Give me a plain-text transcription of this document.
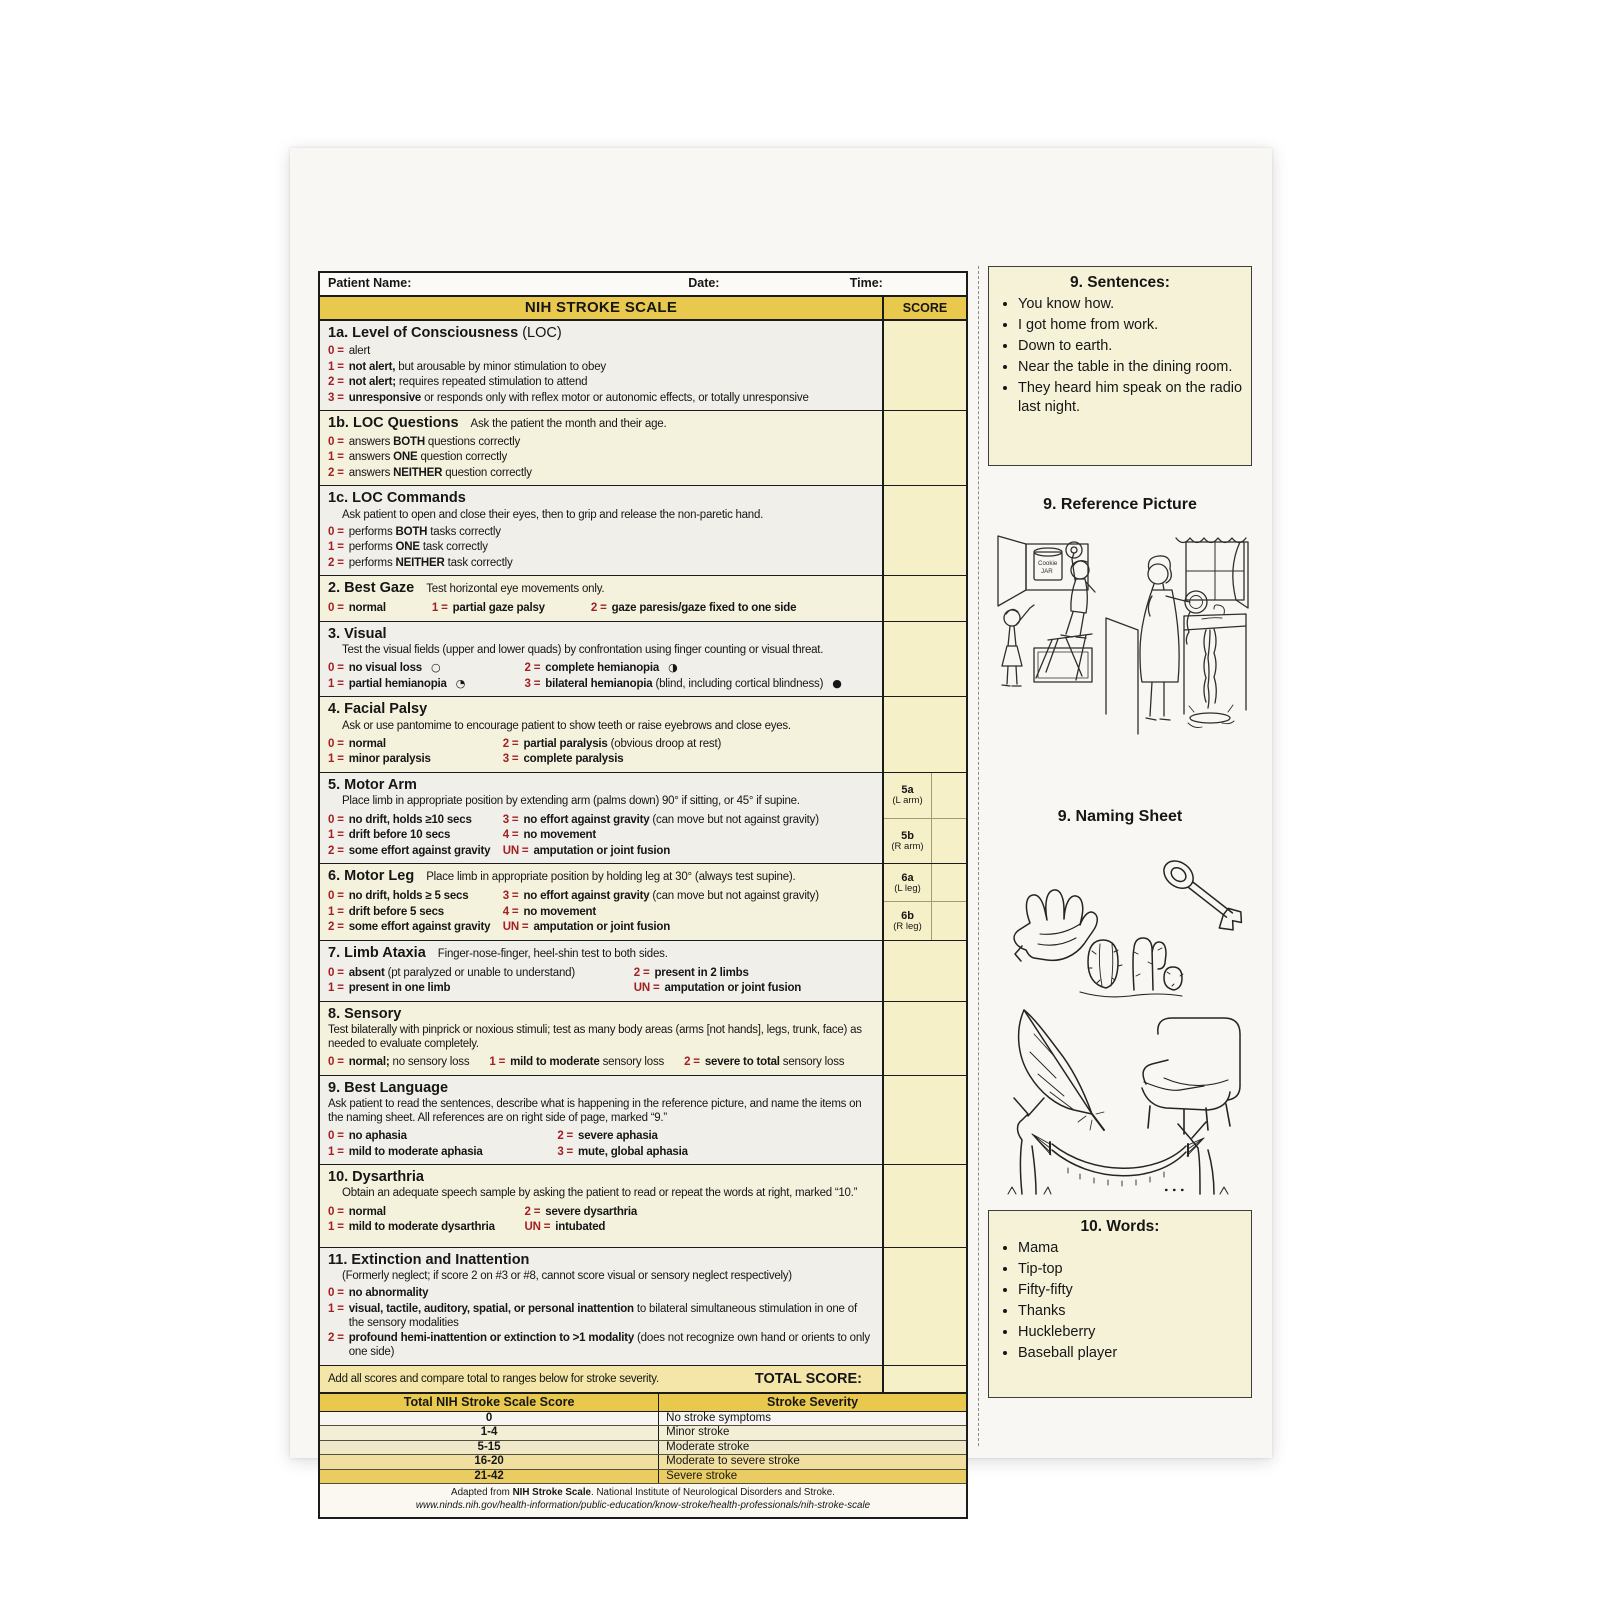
Patient Name:	Date:	Time:
NIH STROKE SCALE	SCORE
1a. Level of Consciousness (LOC)
0 = alert
1 = not alert, but arousable by minor stimulation to obey
2 = not alert; requires repeated stimulation to attend
3 = unresponsive or responds only with reflex motor or autonomic effects, or totally unresponsive
1b. LOC Questions Ask the patient the month and their age.
0 = answers BOTH questions correctly
1 = answers ONE question correctly
2 = answers NEITHER question correctly
1c. LOC Commands
Ask patient to open and close their eyes, then to grip and release the non-paretic hand.
0 = performs BOTH tasks correctly
1 = performs ONE task correctly
2 = performs NEITHER task correctly
2. Best Gaze Test horizontal eye movements only.
0 = normal	1 = partial gaze palsy	2 = gaze paresis/gaze fixed to one side
3. Visual
Test the visual fields (upper and lower quads) by confrontation using finger counting or visual threat.
0 = no visual loss ○
1 = partial hemianopia ◔
2 = complete hemianopia ◑
3 = bilateral hemianopia (blind, including cortical blindness) ●
4. Facial Palsy
Ask or use pantomime to encourage patient to show teeth or raise eyebrows and close eyes.
0 = normal
1 = minor paralysis
2 = partial paralysis (obvious droop at rest)
3 = complete paralysis
5. Motor Arm
Place limb in appropriate position by extending arm (palms down) 90° if sitting, or 45° if supine.
0 = no drift, holds ≥10 secs
1 = drift before 10 secs
2 = some effort against gravity
3 = no effort against gravity (can move but not against gravity)
4 = no movement
UN = amputation or joint fusion
5a
(L arm)
5b
(R arm)
6. Motor Leg Place limb in appropriate position by holding leg at 30° (always test supine).
0 = no drift, holds ≥ 5 secs
1 = drift before 5 secs
2 = some effort against gravity
3 = no effort against gravity (can move but not against gravity)
4 = no movement
UN = amputation or joint fusion
6a
(L leg)
6b
(R leg)
7. Limb Ataxia Finger-nose-finger, heel-shin test to both sides.
0 = absent (pt paralyzed or unable to understand)
1 = present in one limb
2 = present in 2 limbs
UN = amputation or joint fusion
8. Sensory
Test bilaterally with pinprick or noxious stimuli; test as many body areas (arms [not hands], legs, trunk, face) as needed to evaluate completely.
0 = normal; no sensory loss 1 = mild to moderate sensory loss 2 = severe to total sensory loss
9. Best Language
Ask patient to read the sentences, describe what is happening in the reference picture, and name the items on the naming sheet. All references are on right side of page, marked “9.”
0 = no aphasia
1 = mild to moderate aphasia
2 = severe aphasia
3 = mute, global aphasia
10. Dysarthria
Obtain an adequate speech sample by asking the patient to read or repeat the words at right, marked “10.”
0 = normal
1 = mild to moderate dysarthria
2 = severe dysarthria
UN = intubated
11. Extinction and Inattention
(Formerly neglect; if score 2 on #3 or #8, cannot score visual or sensory neglect respectively)
0 = no abnormality
1 = visual, tactile, auditory, spatial, or personal inattention to bilateral simultaneous stimulation in one of the sensory modalities
2 = profound hemi-inattention or extinction to >1 modality (does not recognize own hand or orients to only one side)
Add all scores and compare total to ranges below for stroke severity.	TOTAL SCORE:
Total NIH Stroke Scale Score	Stroke Severity
0	No stroke symptoms
1-4	Minor stroke
5-15	Moderate stroke
16-20	Moderate to severe stroke
21-42	Severe stroke
Adapted from NIH Stroke Scale. National Institute of Neurological Disorders and Stroke.
www.ninds.nih.gov/health-information/public-education/know-stroke/health-professionals/nih-stroke-scale
9. Sentences:
• You know how.
• I got home from work.
• Down to earth.
• Near the table in the dining room.
• They heard him speak on the radio last night.
9. Reference Picture
Cookie
JAR
9. Naming Sheet
10. Words:
• Mama
• Tip-top
• Fifty-fifty
• Thanks
• Huckleberry
• Baseball player
